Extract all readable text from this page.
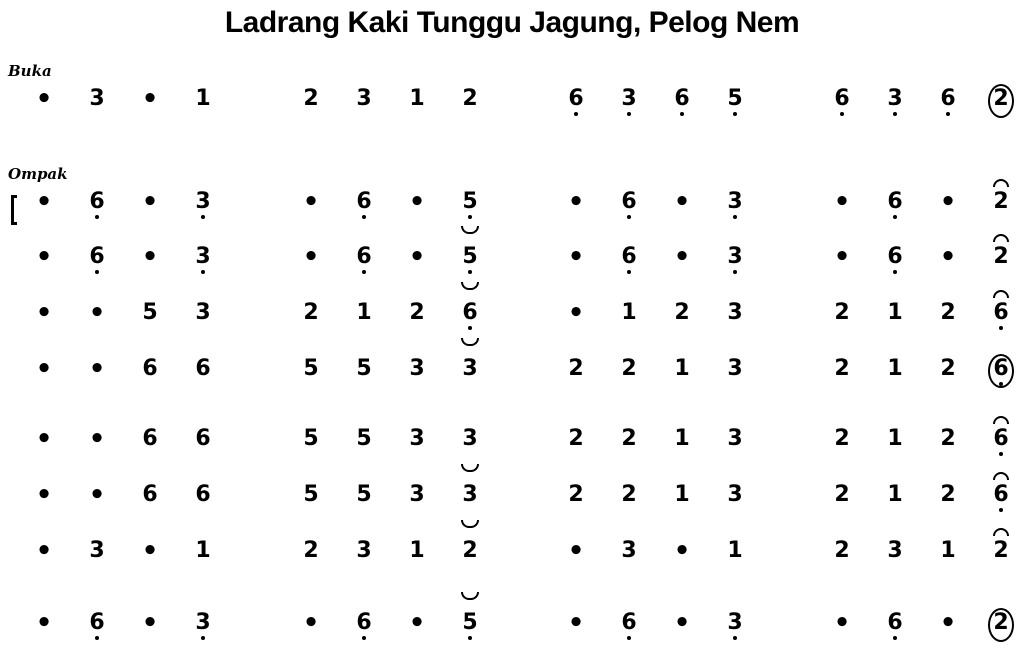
Ladrang Kaki Tunggu Jagung, Pelog Nem
Buka
Ompak
•	3 •	1	2	3	1	2	6	3	6	5	6	3	6	2
•	6 •	3	•	6 •	5	•	6 •	3	•	6 •	2
•	6 •	3	•	6 •	5	•	6 •	3	•	6 •	2
• •	5	3	2	1	2	6	•	1	2	3	2	1	2	6
• •	6	6	5	5	3	3	2	2	1	3	2	1	2	6
• •	6	6	5	5	3	3	2	2	1	3	2	1	2	6
• •	6	6	5	5	3	3	2	2	1	3	2	1	2	6
•	3 •	1	2	3	1	2	•	3 •	1	2	3	1	2
•	6 •	3	•	6 •	5	•	6 •	3	•	6 •	2
